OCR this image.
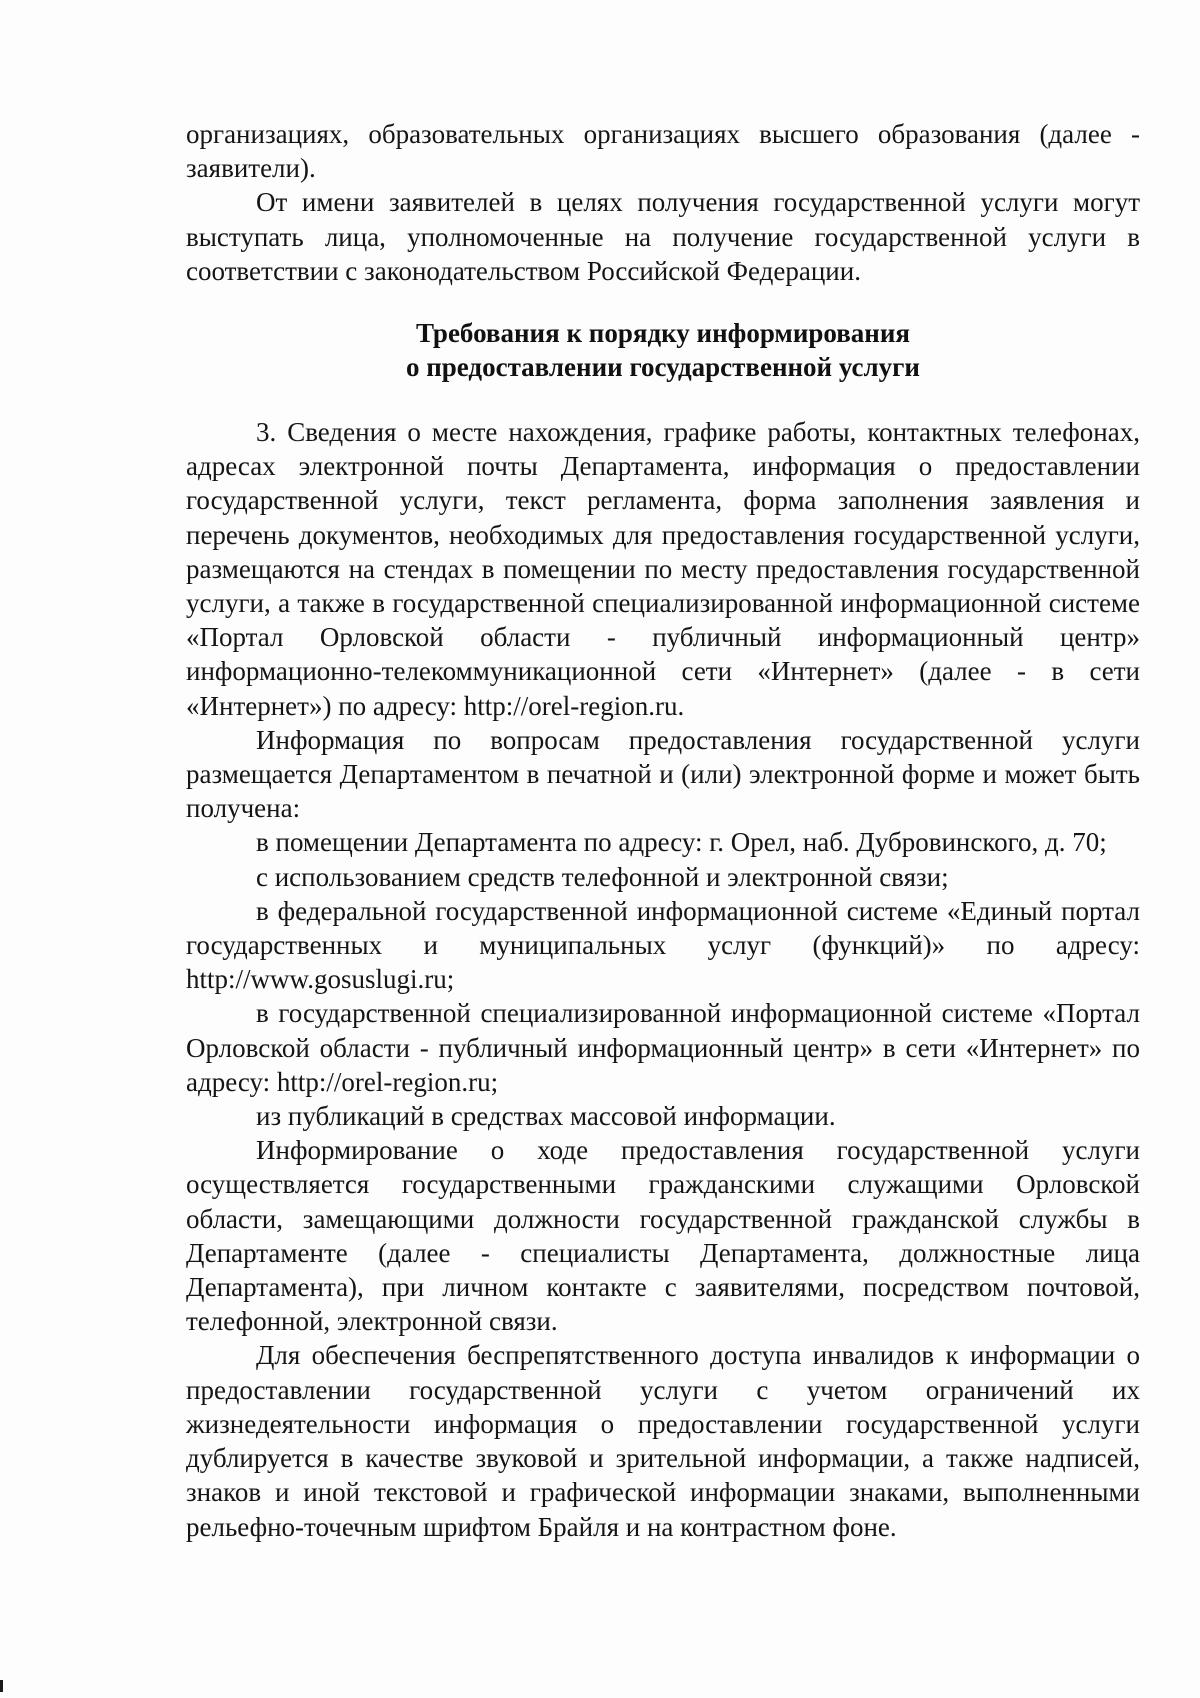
организациях, образовательных организациях высшего образования (далее - заявители).

От имени заявителей в целях получения государственной услуги могут выступать лица, уполномоченные на получение государственной услуги в соответствии с законодательством Российской Федерации.

Требования к порядку информирования
о предоставлении государственной услуги

3. Сведения о месте нахождения, графике работы, контактных телефонах, адресах электронной почты Департамента, информация о предоставлении государственной услуги, текст регламента, форма заполнения заявления и перечень документов, необходимых для предоставления государственной услуги, размещаются на стендах в помещении по месту предоставления государственной услуги, а также в государственной специализированной информационной системе «Портал Орловской области - публичный информационный центр» информационно-телекоммуникационной сети «Интернет» (далее - в сети «Интернет») по адресу: http://orel-region.ru.

Информация по вопросам предоставления государственной услуги размещается Департаментом в печатной и (или) электронной форме и может быть получена:

в помещении Департамента по адресу: г. Орел, наб. Дубровинского, д. 70;

с использованием средств телефонной и электронной связи;

в федеральной государственной информационной системе «Единый портал государственных и муниципальных услуг (функций)» по адресу: http://www.gosuslugi.ru;

в государственной специализированной информационной системе «Портал Орловской области - публичный информационный центр» в сети «Интернет» по адресу: http://orel-region.ru;

из публикаций в средствах массовой информации.

Информирование о ходе предоставления государственной услуги осуществляется государственными гражданскими служащими Орловской области, замещающими должности государственной гражданской службы в Департаменте (далее - специалисты Департамента, должностные лица Департамента), при личном контакте с заявителями, посредством почтовой, телефонной, электронной связи.

Для обеспечения беспрепятственного доступа инвалидов к информации о предоставлении государственной услуги с учетом ограничений их жизнедеятельности информация о предоставлении государственной услуги дублируется в качестве звуковой и зрительной информации, а также надписей, знаков и иной текстовой и графической информации знаками, выполненными рельефно-точечным шрифтом Брайля и на контрастном фоне.
